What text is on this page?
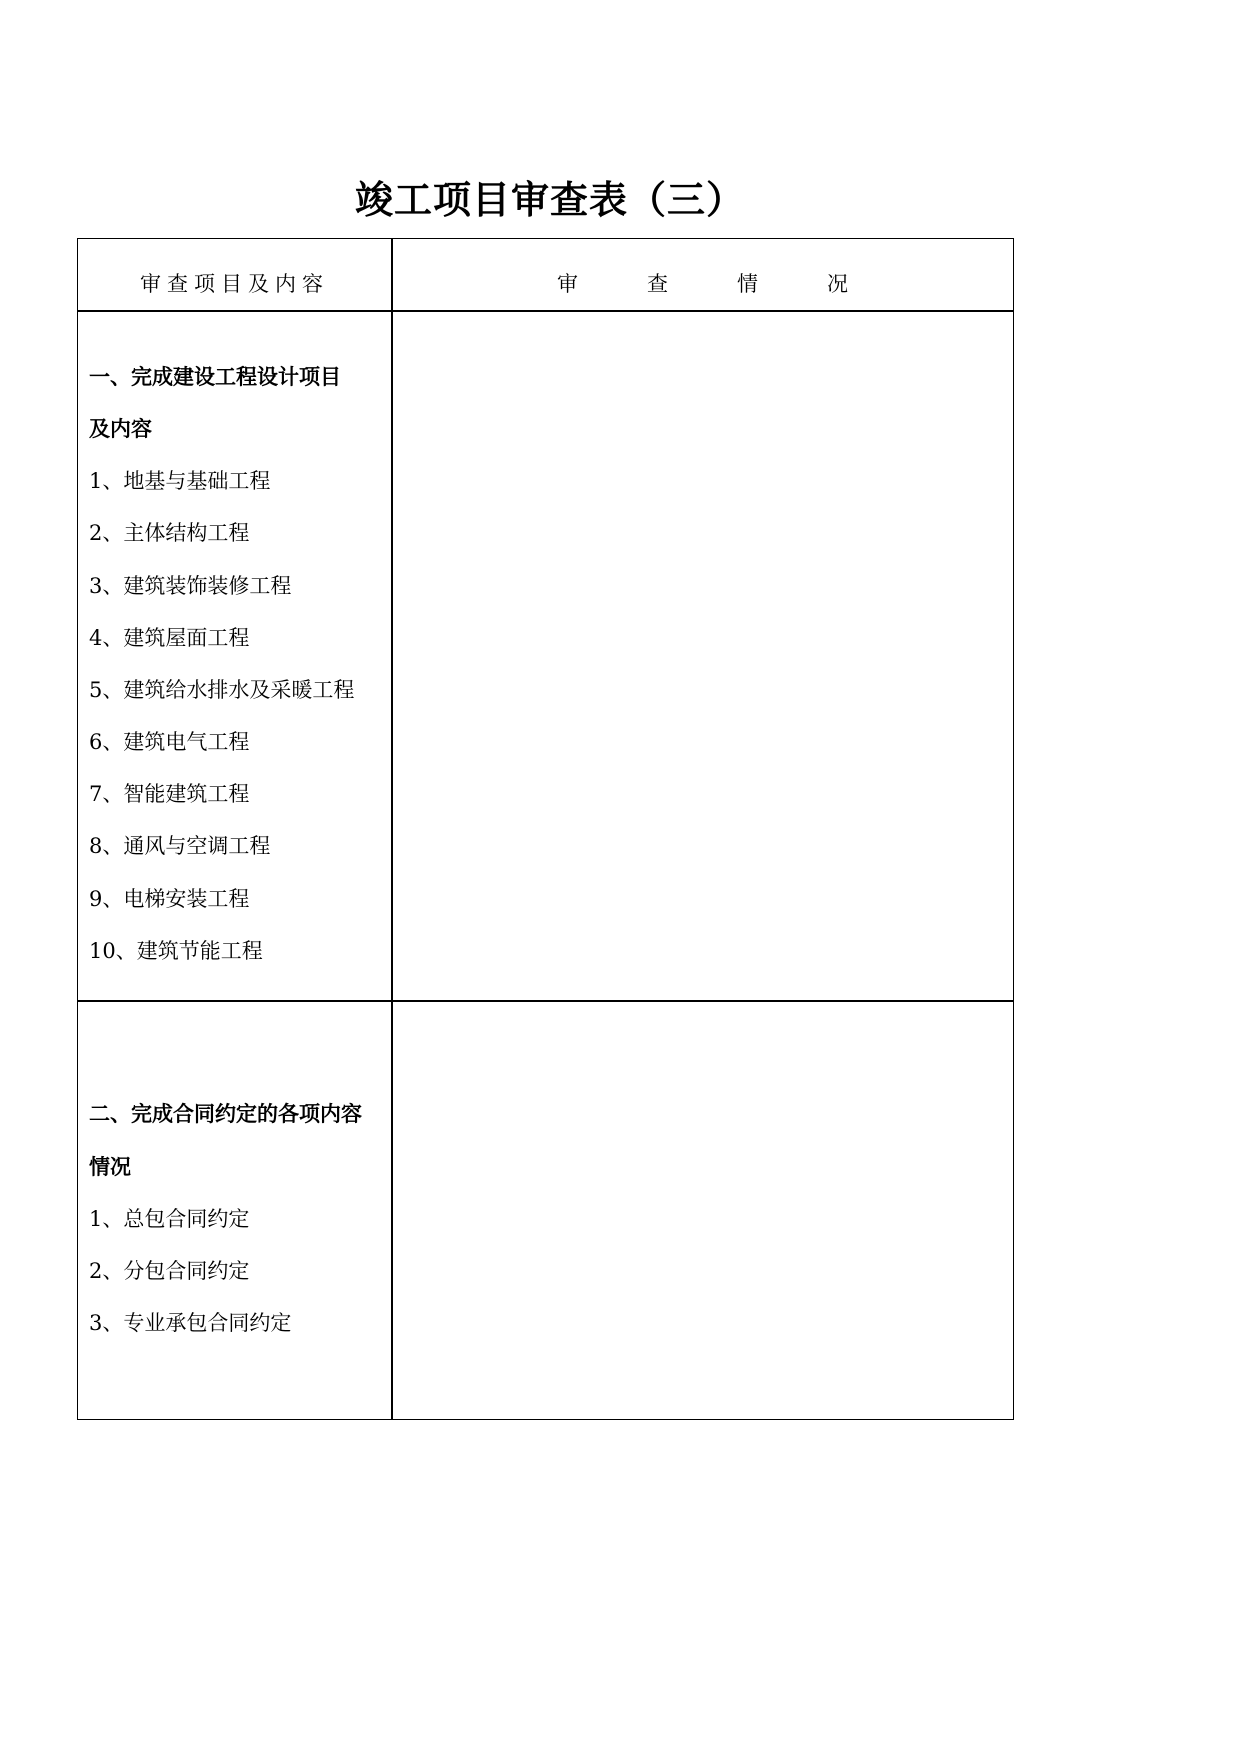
竣工项目审查表（三）
审查项目及内容	审	查	情	况
一、完成建设工程设计项目
及内容
1、地基与基础工程
2、主体结构工程
3、建筑装饰装修工程
4、建筑屋面工程
5、建筑给水排水及采暖工程
6、建筑电气工程
7、智能建筑工程
8、通风与空调工程
9、电梯安装工程
10、建筑节能工程
二、完成合同约定的各项内容
情况
1、总包合同约定
2、分包合同约定
3、专业承包合同约定
